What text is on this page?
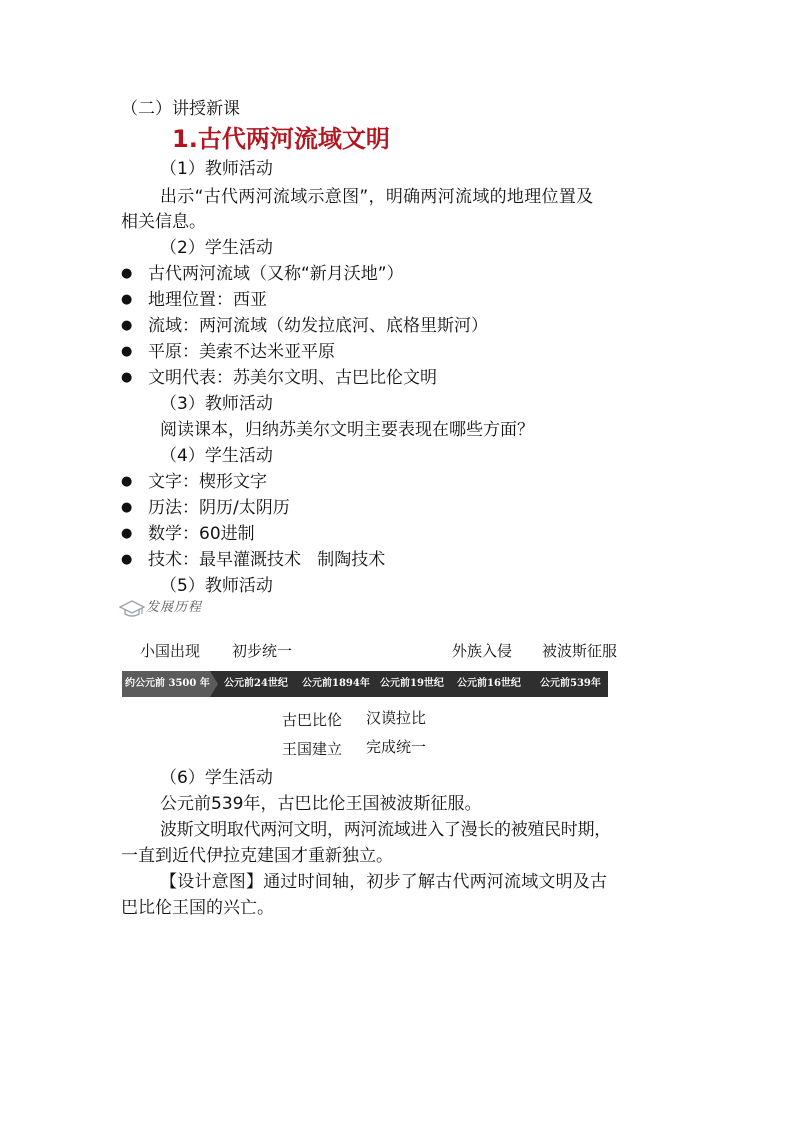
（二）讲授新课
1.古代两河流域文明
（1）教师活动
出示“古代两河流域示意图”，明确两河流域的地理位置及
相关信息。
（2）学生活动
● 古代两河流域（又称“新月沃地”）
● 地理位置：西亚
● 流域：两河流域（幼发拉底河、底格里斯河）
● 平原：美索不达米亚平原
● 文明代表：苏美尔文明、古巴比伦文明
（3）教师活动
阅读课本，归纳苏美尔文明主要表现在哪些方面？
（4）学生活动
● 文字：楔形文字
● 历法：阴历/太阴历
● 数学：60进制
● 技术：最早灌溉技术   制陶技术
（5）教师活动
发展历程
小国出现 初步统一	外族入侵 被波斯征服
约公元前 3500 年 公元前24世纪 公元前1894年 公元前19世纪 公元前16世纪 公元前539年
古巴比伦
王国建立
汉谟拉比
完成统一
（6）学生活动
公元前539年，古巴比伦王国被波斯征服。
波斯文明取代两河文明，两河流域进入了漫长的被殖民时期，
一直到近代伊拉克建国才重新独立。
【设计意图】通过时间轴，初步了解古代两河流域文明及古
巴比伦王国的兴亡。
